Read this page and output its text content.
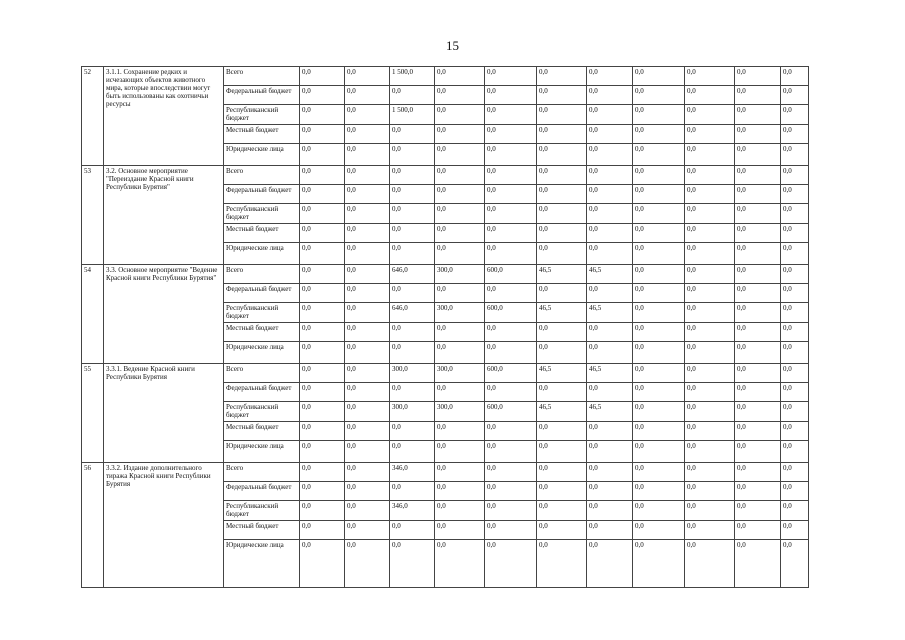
15
52	3.1.1. Сохранение редких и исчезающих объектов животного мира, которые впоследствии могут быть использованы как охотничьи ресурсы	Всего	0,0	0,0	1 500,0	0,0	0,0	0,0	0,0	0,0	0,0	0,0	0,0
		Федеральный бюджет	0,0	0,0	0,0	0,0	0,0	0,0	0,0	0,0	0,0	0,0	0,0
		Республиканский бюджет	0,0	0,0	1 500,0	0,0	0,0	0,0	0,0	0,0	0,0	0,0	0,0
		Местный бюджет	0,0	0,0	0,0	0,0	0,0	0,0	0,0	0,0	0,0	0,0	0,0
		Юридические лица	0,0	0,0	0,0	0,0	0,0	0,0	0,0	0,0	0,0	0,0	0,0
53	3.2. Основное мероприятие "Переиздание Красной книги Республики Бурятия"	Всего	0,0	0,0	0,0	0,0	0,0	0,0	0,0	0,0	0,0	0,0	0,0
		Федеральный бюджет	0,0	0,0	0,0	0,0	0,0	0,0	0,0	0,0	0,0	0,0	0,0
		Республиканский бюджет	0,0	0,0	0,0	0,0	0,0	0,0	0,0	0,0	0,0	0,0	0,0
		Местный бюджет	0,0	0,0	0,0	0,0	0,0	0,0	0,0	0,0	0,0	0,0	0,0
		Юридические лица	0,0	0,0	0,0	0,0	0,0	0,0	0,0	0,0	0,0	0,0	0,0
54	3.3. Основное мероприятие "Ведение Красной книги Республики Бурятия"	Всего	0,0	0,0	646,0	300,0	600,0	46,5	46,5	0,0	0,0	0,0	0,0
		Федеральный бюджет	0,0	0,0	0,0	0,0	0,0	0,0	0,0	0,0	0,0	0,0	0,0
		Республиканский бюджет	0,0	0,0	646,0	300,0	600,0	46,5	46,5	0,0	0,0	0,0	0,0
		Местный бюджет	0,0	0,0	0,0	0,0	0,0	0,0	0,0	0,0	0,0	0,0	0,0
		Юридические лица	0,0	0,0	0,0	0,0	0,0	0,0	0,0	0,0	0,0	0,0	0,0
55	3.3.1. Ведение Красной книги Республики Бурятия	Всего	0,0	0,0	300,0	300,0	600,0	46,5	46,5	0,0	0,0	0,0	0,0
		Федеральный бюджет	0,0	0,0	0,0	0,0	0,0	0,0	0,0	0,0	0,0	0,0	0,0
		Республиканский бюджет	0,0	0,0	300,0	300,0	600,0	46,5	46,5	0,0	0,0	0,0	0,0
		Местный бюджет	0,0	0,0	0,0	0,0	0,0	0,0	0,0	0,0	0,0	0,0	0,0
		Юридические лица	0,0	0,0	0,0	0,0	0,0	0,0	0,0	0,0	0,0	0,0	0,0
56	3.3.2. Издание дополнительного тиража Красной книги Республики Бурятия	Всего	0,0	0,0	346,0	0,0	0,0	0,0	0,0	0,0	0,0	0,0	0,0
		Федеральный бюджет	0,0	0,0	0,0	0,0	0,0	0,0	0,0	0,0	0,0	0,0	0,0
		Республиканский бюджет	0,0	0,0	346,0	0,0	0,0	0,0	0,0	0,0	0,0	0,0	0,0
		Местный бюджет	0,0	0,0	0,0	0,0	0,0	0,0	0,0	0,0	0,0	0,0	0,0
		Юридические лица	0,0	0,0	0,0	0,0	0,0	0,0	0,0	0,0	0,0	0,0	0,0
